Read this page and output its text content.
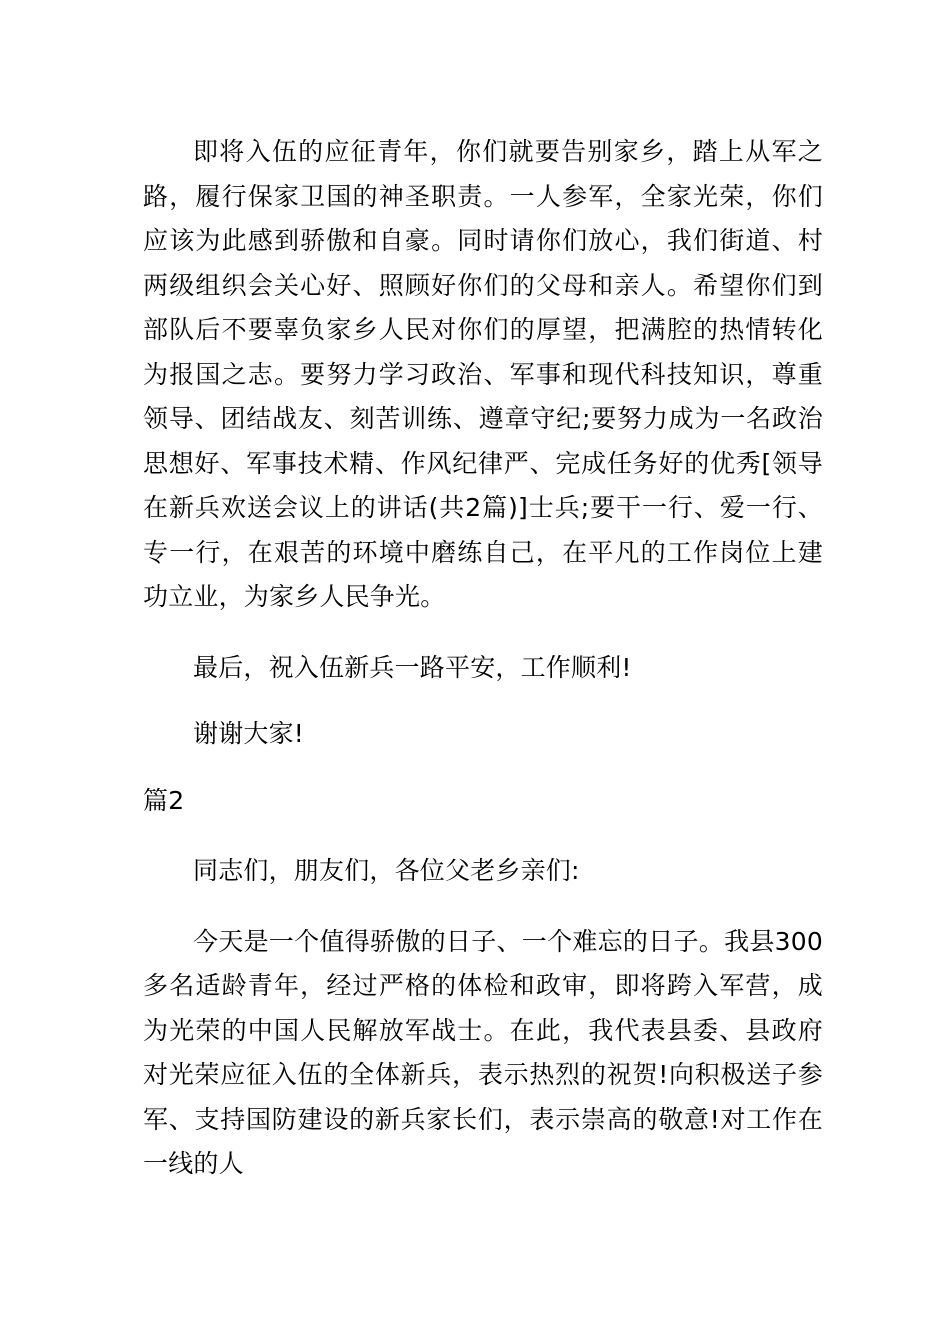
即将入伍的应征青年，你们就要告别家乡，踏上从军之路，履行保家卫国的神圣职责。一人参军，全家光荣，你们应该为此感到骄傲和自豪。同时请你们放心，我们街道、村两级组织会关心好、照顾好你们的父母和亲人。希望你们到部队后不要辜负家乡人民对你们的厚望，把满腔的热情转化为报国之志。要努力学习政治、军事和现代科技知识，尊重领导、团结战友、刻苦训练、遵章守纪;要努力成为一名政治思想好、军事技术精、作风纪律严、完成任务好的优秀[领导在新兵欢送会议上的讲话(共2篇)]士兵;要干一行、爱一行、专一行，在艰苦的环境中磨练自己，在平凡的工作岗位上建功立业，为家乡人民争光。

最后，祝入伍新兵一路平安，工作顺利!

谢谢大家!

篇2

同志们，朋友们，各位父老乡亲们:

今天是一个值得骄傲的日子、一个难忘的日子。我县300多名适龄青年，经过严格的体检和政审，即将跨入军营，成为光荣的中国人民解放军战士。在此，我代表县委、县政府对光荣应征入伍的全体新兵，表示热烈的祝贺!向积极送子参军、支持国防建设的新兵家长们，表示崇高的敬意!对工作在一线的人
